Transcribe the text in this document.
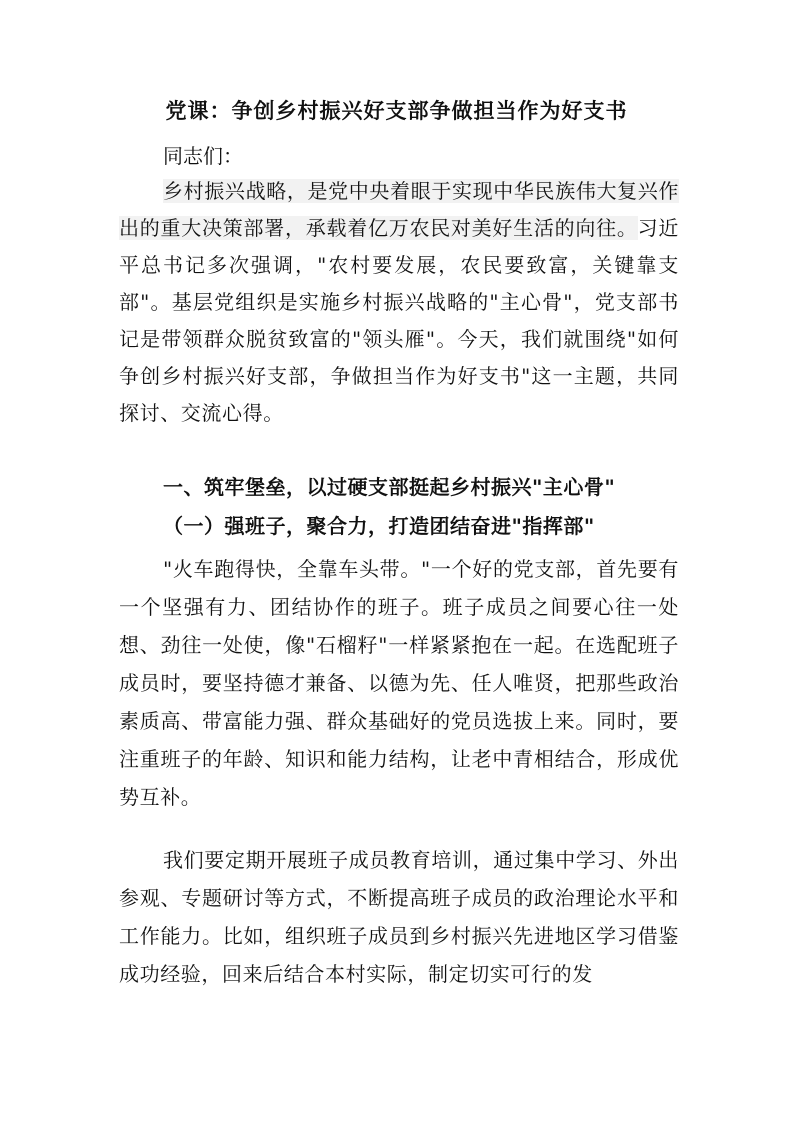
党课：争创乡村振兴好支部争做担当作为好支书
同志们：
乡村振兴战略，是党中央着眼于实现中华民族伟大复兴作出的重大决策部署，承载着亿万农民对美好生活的向往。习近平总书记多次强调，"农村要发展，农民要致富，关键靠支部"。基层党组织是实施乡村振兴战略的"主心骨"，党支部书记是带领群众脱贫致富的"领头雁"。今天，我们就围绕"如何争创乡村振兴好支部，争做担当作为好支书"这一主题，共同探讨、交流心得。
一、筑牢堡垒，以过硬支部挺起乡村振兴"主心骨"
（一）强班子，聚合力，打造团结奋进"指挥部"
"火车跑得快，全靠车头带。"一个好的党支部，首先要有一个坚强有力、团结协作的班子。班子成员之间要心往一处想、劲往一处使，像"石榴籽"一样紧紧抱在一起。在选配班子成员时，要坚持德才兼备、以德为先、任人唯贤，把那些政治素质高、带富能力强、群众基础好的党员选拔上来。同时，要注重班子的年龄、知识和能力结构，让老中青相结合，形成优势互补。
我们要定期开展班子成员教育培训，通过集中学习、外出参观、专题研讨等方式，不断提高班子成员的政治理论水平和工作能力。比如，组织班子成员到乡村振兴先进地区学习借鉴成功经验，回来后结合本村实际，制定切实可行的发
